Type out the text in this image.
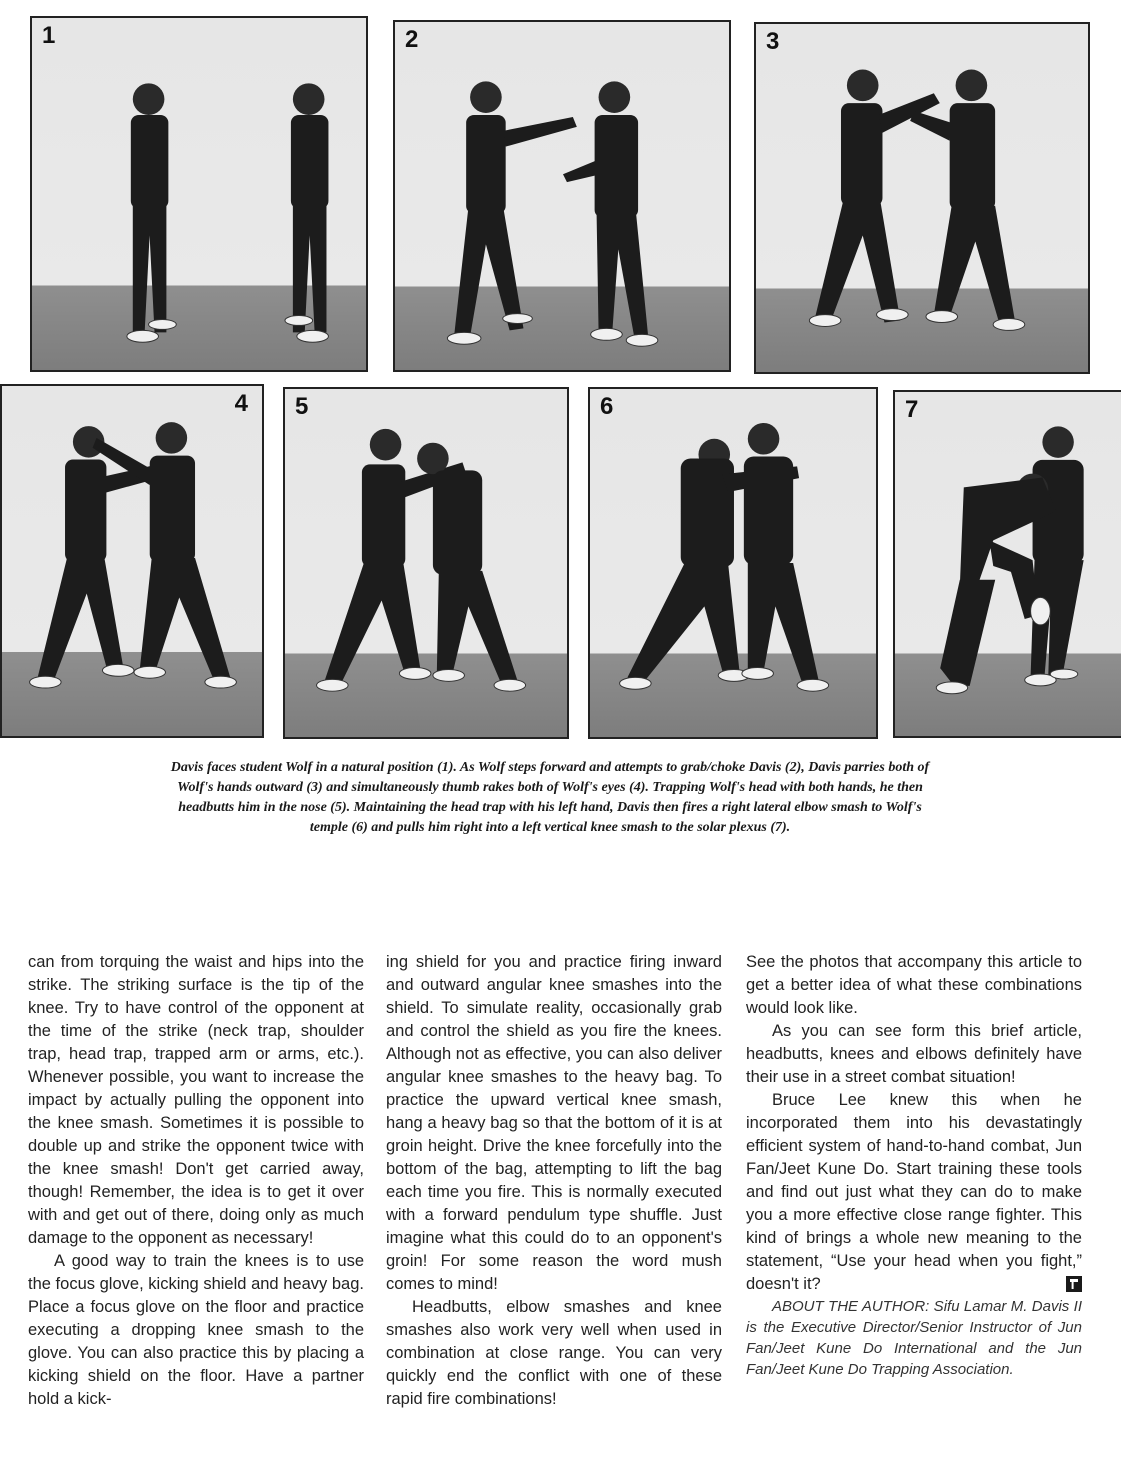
1	2	3
4 5	6	7

Davis faces student Wolf in a natural position (1). As Wolf steps forward and attempts to grab/choke Davis (2), Davis parries both of Wolf's hands outward (3) and simultaneously thumb rakes both of Wolf's eyes (4). Trapping Wolf's head with both hands, he then headbutts him in the nose (5). Maintaining the head trap with his left hand, Davis then fires a right lateral elbow smash to Wolf's temple (6) and pulls him right into a left vertical knee smash to the solar plexus (7).

can from torquing the waist and hips into the strike. The striking surface is the tip of the knee. Try to have control of the opponent at the time of the strike (neck trap, shoulder trap, head trap, trapped arm or arms, etc.). Whenever possible, you want to increase the impact by actually pulling the opponent into the knee smash. Sometimes it is possible to double up and strike the opponent twice with the knee smash! Don't get carried away, though! Remember, the idea is to get it over with and get out of there, doing only as much damage to the opponent as necessary!

A good way to train the knees is to use the focus glove, kicking shield and heavy bag. Place a focus glove on the floor and practice executing a dropping knee smash to the glove. You can also practice this by placing a kicking shield on the floor. Have a partner hold a kick-

ing shield for you and practice firing inward and outward angular knee smashes into the shield. To simulate reality, occasionally grab and control the shield as you fire the knees. Although not as effective, you can also deliver angular knee smashes to the heavy bag. To practice the upward vertical knee smash, hang a heavy bag so that the bottom of it is at groin height. Drive the knee forcefully into the bottom of the bag, attempting to lift the bag each time you fire. This is normally executed with a forward pendulum type shuffle. Just imagine what this could do to an opponent's groin! For some reason the word mush comes to mind!

Headbutts, elbow smashes and knee smashes also work very well when used in combination at close range. You can very quickly end the conflict with one of these rapid fire combinations!

See the photos that accompany this article to get a better idea of what these combinations would look like.

As you can see form this brief article, headbutts, knees and elbows definitely have their use in a street combat situation!

Bruce Lee knew this when he incorporated them into his devastatingly efficient system of hand-to-hand combat, Jun Fan/Jeet Kune Do. Start training these tools and find out just what they can do to make you a more effective close range fighter. This kind of brings a whole new meaning to the statement, “Use your head when you fight,” doesn't it?

ABOUT THE AUTHOR: Sifu Lamar M. Davis II is the Executive Director/Senior Instructor of Jun Fan/Jeet Kune Do International and the Jun Fan/Jeet Kune Do Trapping Association.
